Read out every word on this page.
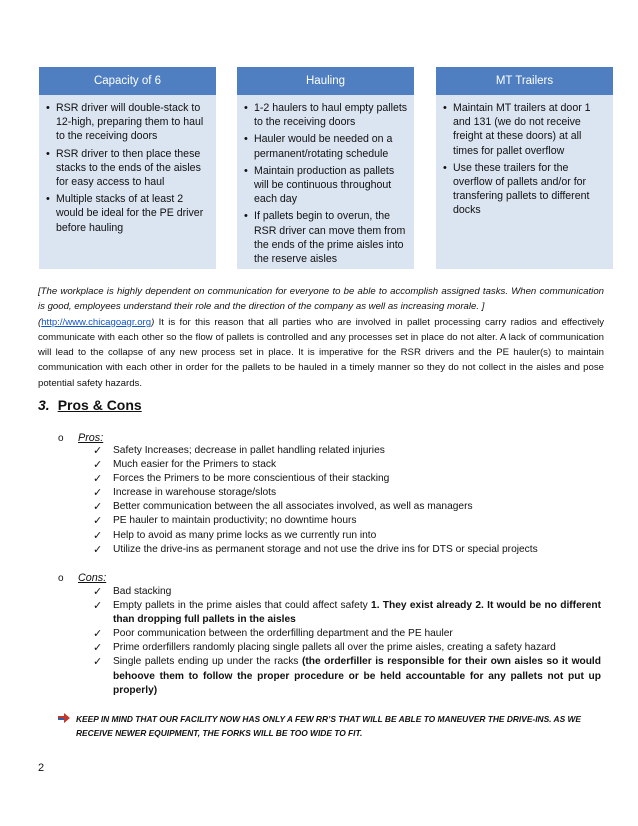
Capacity of 6
• RSR driver will double-stack to 12-high, preparing them to haul to the receiving doors
• RSR driver to then place these stacks to the ends of the aisles for easy access to haul
• Multiple stacks of at least 2 would be ideal for the PE driver before hauling
Hauling
• 1-2 haulers to haul empty pallets to the receiving doors
• Hauler would be needed on a permanent/rotating schedule
• Maintain production as pallets will be continuous throughout each day
• If pallets begin to overun, the RSR driver can move them from the ends of the prime aisles into the reserve aisles
MT Trailers
• Maintain MT trailers at door 1 and 131 (we do not receive freight at these doors) at all times for pallet overflow
• Use these trailers for the overflow of pallets and/or for transfering pallets to different docks
[The workplace is highly dependent on communication for everyone to be able to accomplish assigned tasks. When communication is good, employees understand their role and the direction of the company as well as increasing morale. ]
(http://www.chicagoagr.org) It is for this reason that all parties who are involved in pallet processing carry radios and effectively communicate with each other so the flow of pallets is controlled and any processes set in place do not alter. A lack of communication will lead to the collapse of any new process set in place. It is imperative for the RSR drivers and the PE hauler(s) to maintain communication with each other in order for the pallets to be hauled in a timely manner so they do not collect in the aisles and pose potential safety hazards.
3. Pros & Cons
o Pros:
✓ Safety Increases; decrease in pallet handling related injuries
✓ Much easier for the Primers to stack
✓ Forces the Primers to be more conscientious of their stacking
✓ Increase in warehouse storage/slots
✓ Better communication between the all associates involved, as well as managers
✓ PE hauler to maintain productivity; no downtime hours
✓ Help to avoid as many prime locks as we currently run into
✓ Utilize the drive-ins as permanent storage and not use the drive ins for DTS or special projects
o Cons:
✓ Bad stacking
✓ Empty pallets in the prime aisles that could affect safety 1. They exist already 2. It would be no different than dropping full pallets in the aisles
✓ Poor communication between the orderfilling department and the PE hauler
✓ Prime orderfillers randomly placing single pallets all over the prime aisles, creating a safety hazard
✓ Single pallets ending up under the racks (the orderfiller is responsible for their own aisles so it would behoove them to follow the proper procedure or be held accountable for any pallets not put up properly)
KEEP IN MIND THAT OUR FACILITY NOW HAS ONLY A FEW RR’S THAT WILL BE ABLE TO MANEUVER THE DRIVE-INS. AS WE RECEIVE NEWER EQUIPMENT, THE FORKS WILL BE TOO WIDE TO FIT.
2
